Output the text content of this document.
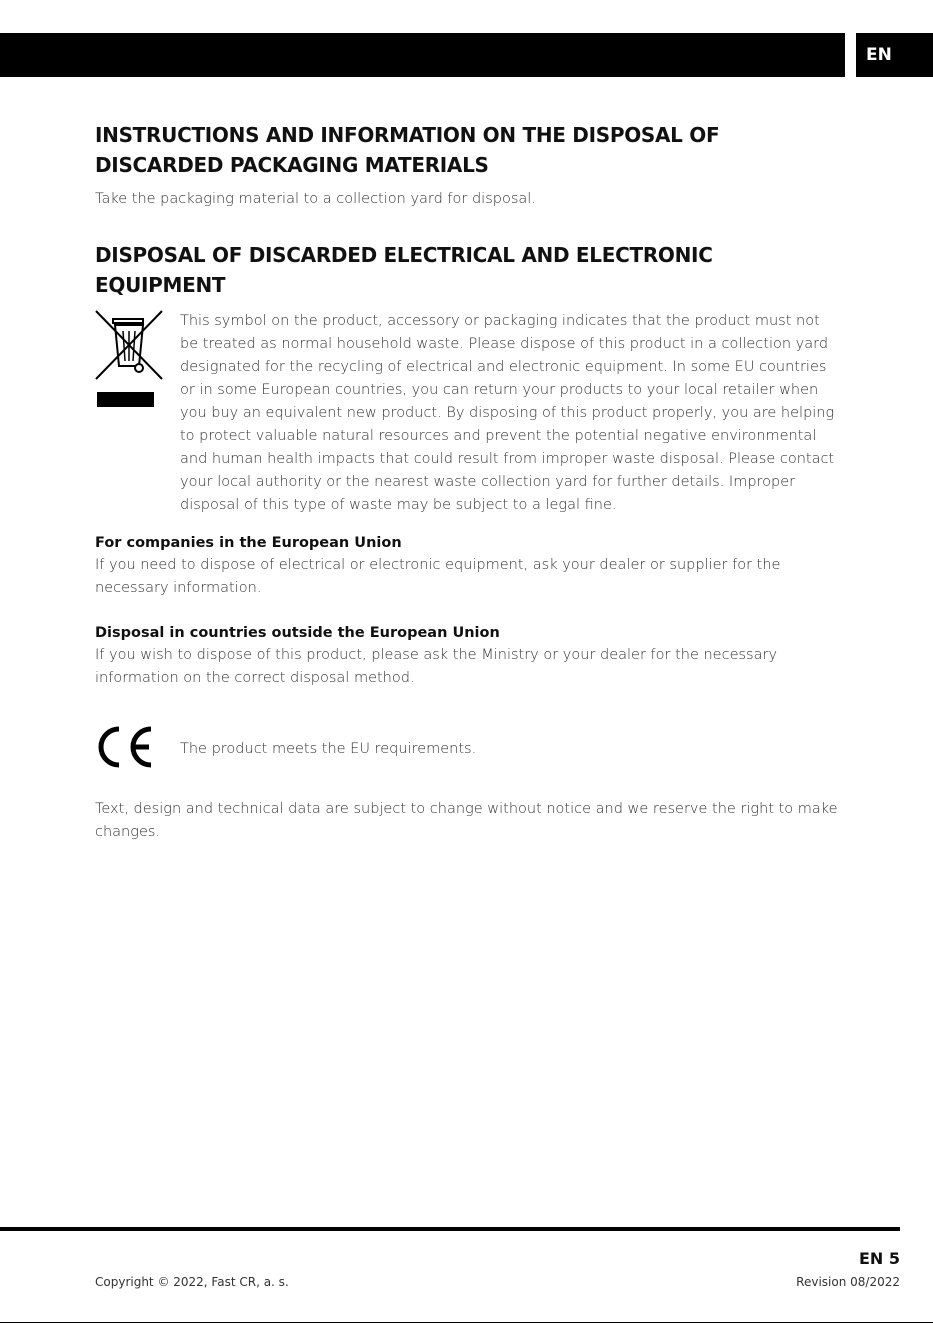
EN
INSTRUCTIONS AND INFORMATION ON THE DISPOSAL OF DISCARDED PACKAGING MATERIALS

Take the packaging material to a collection yard for disposal.

DISPOSAL OF DISCARDED ELECTRICAL AND ELECTRONIC EQUIPMENT

This symbol on the product, accessory or packaging indicates that the product must not be treated as normal household waste. Please dispose of this product in a collection yard designated for the recycling of electrical and electronic equipment. In some EU countries or in some European countries, you can return your products to your local retailer when you buy an equivalent new product. By disposing of this product properly, you are helping to protect valuable natural resources and prevent the potential negative environmental and human health impacts that could result from improper waste disposal. Please contact your local authority or the nearest waste collection yard for further details. Improper disposal of this type of waste may be subject to a legal fine.

For companies in the European Union

If you need to dispose of electrical or electronic equipment, ask your dealer or supplier for the necessary information.

Disposal in countries outside the European Union

If you wish to dispose of this product, please ask the Ministry or your dealer for the necessary information on the correct disposal method.

The product meets the EU requirements.

Text, design and technical data are subject to change without notice and we reserve the right to make changes.

EN 5
Copyright © 2022, Fast CR, a. s.	Revision 08/2022
